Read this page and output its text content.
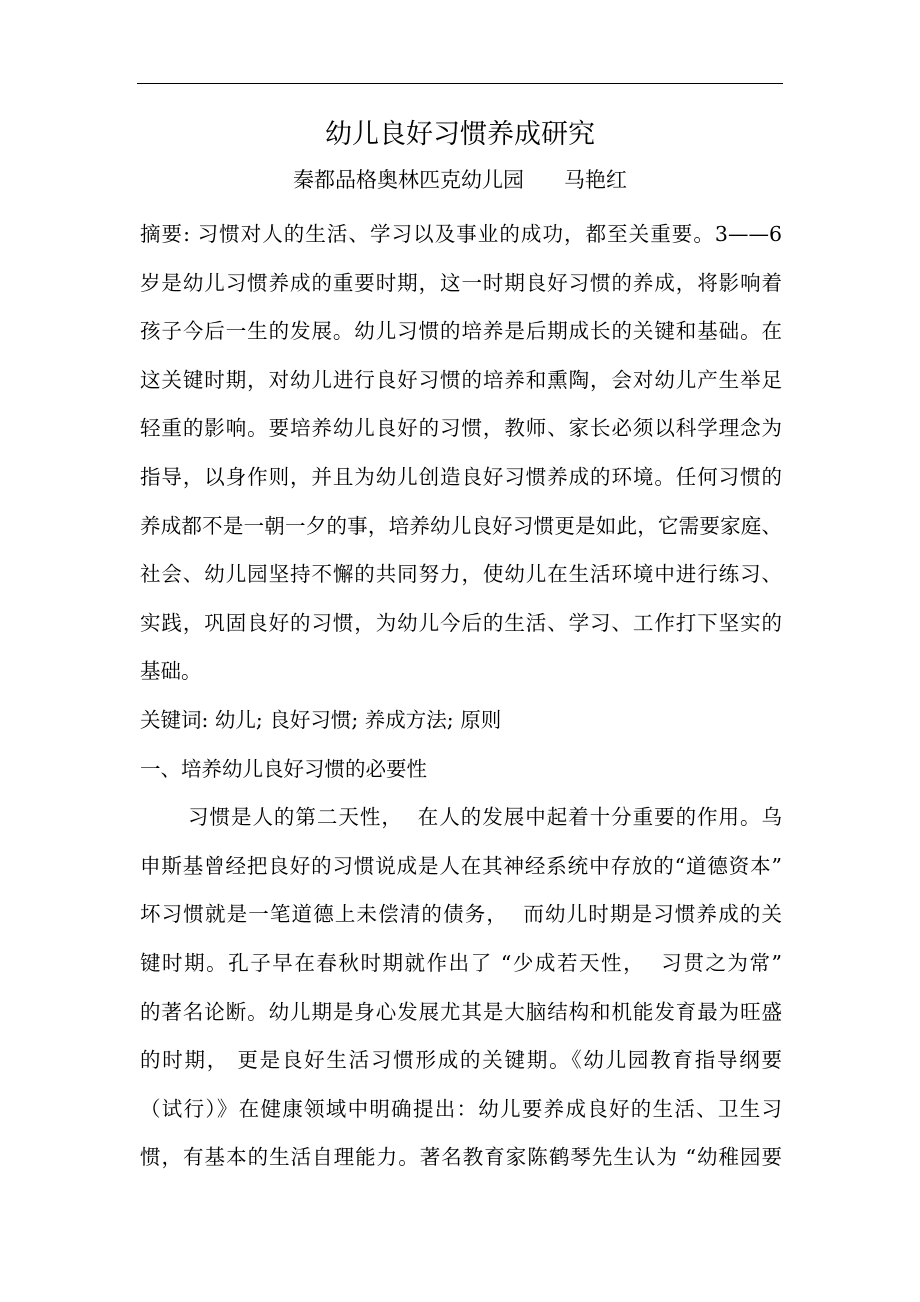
幼儿良好习惯养成研究
秦都品格奥林匹克幼儿园      马艳红
摘要: 习惯对人的生活、学习以及事业的成功，都至关重要。3——6
岁是幼儿习惯养成的重要时期，这一时期良好习惯的养成，将影响着
孩子今后一生的发展。幼儿习惯的培养是后期成长的关键和基础。在
这关键时期，对幼儿进行良好习惯的培养和熏陶，会对幼儿产生举足
轻重的影响。要培养幼儿良好的习惯，教师、家长必须以科学理念为
指导，以身作则，并且为幼儿创造良好习惯养成的环境。任何习惯的
养成都不是一朝一夕的事，培养幼儿良好习惯更是如此，它需要家庭、
社会、幼儿园坚持不懈的共同努力，使幼儿在生活环境中进行练习、
实践，巩固良好的习惯，为幼儿今后的生活、学习、工作打下坚实的
基础。
关键词: 幼儿; 良好习惯; 养成方法; 原则
一、培养幼儿良好习惯的必要性
习惯是人的第二天性，  在人的发展中起着十分重要的作用。乌
申斯基曾经把良好的习惯说成是人在其神经系统中存放的“道德资本”
坏习惯就是一笔道德上未偿清的债务，  而幼儿时期是习惯养成的关
键时期。孔子早在春秋时期就作出了 “少成若天性，  习贯之为常”
的著名论断。幼儿期是身心发展尤其是大脑结构和机能发育最为旺盛
的时期， 更是良好生活习惯形成的关键期。《幼儿园教育指导纲要
（试行）》在健康领域中明确提出：幼儿要养成良好的生活、卫生习
惯，有基本的生活自理能力。著名教育家陈鹤琴先生认为 “幼稚园要
